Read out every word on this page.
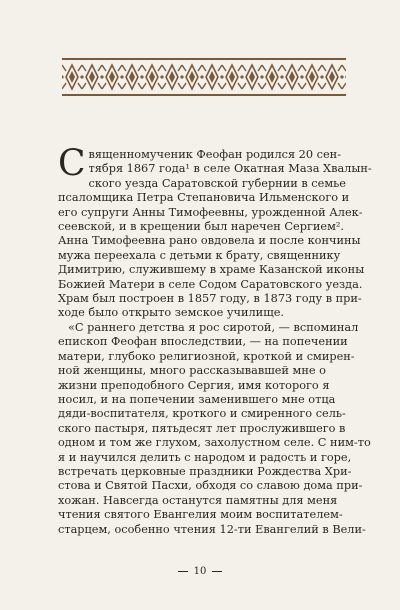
С вященномученик Феофан родился 20 сен-
тября 1867 года¹ в селе Окатная Маза Хвалын-
ского уезда Саратовской губернии в семье
псаломщика Петра Степановича Ильменского и
его супруги Анны Тимофеевны, урожденной Алек-
сеевской, и в крещении был наречен Сергием².
Анна Тимофеевна рано овдовела и после кончины
мужа переехала с детьми к брату, священнику
Димитрию, служившему в храме Казанской иконы
Божией Матери в селе Содом Саратовского уезда.
Храм был построен в 1857 году, в 1873 году в при-
ходе было открыто земское училище.
«С раннего детства я рос сиротой, — вспоминал
епископ Феофан впоследствии, — на попечении
матери, глубоко религиозной, кроткой и смирен-
ной женщины, много рассказывавшей мне о
жизни преподобного Сергия, имя которого я
носил, и на попечении заменившего мне отца
дяди-воспитателя, кроткого и смиренного сель-
ского пастыря, пятьдесят лет прослужившего в
одном и том же глухом, захолустном селе. С ним-то
я и научился делить с народом и радость и горе,
встречать церковные праздники Рождества Хри-
стова и Святой Пасхи, обходя со славою дома при-
хожан. Навсегда останутся памятны для меня
чтения святого Евангелия моим воспитателем-
старцем, особенно чтения 12-ти Евангелий в Вели-
10
